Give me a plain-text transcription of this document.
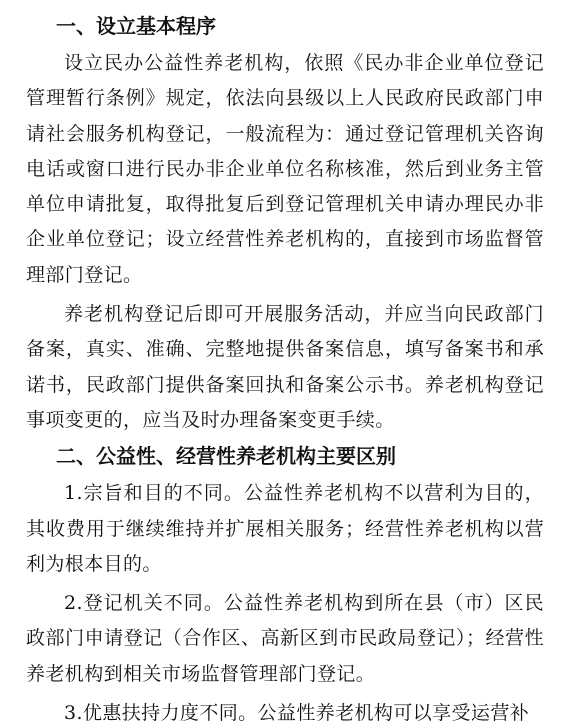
一、设立基本程序

设立民办公益性养老机构，依照《民办非企业单位登记管理暂行条例》规定，依法向县级以上人民政府民政部门申请社会服务机构登记，一般流程为：通过登记管理机关咨询电话或窗口进行民办非企业单位名称核准，然后到业务主管单位申请批复，取得批复后到登记管理机关申请办理民办非企业单位登记；设立经营性养老机构的，直接到市场监督管理部门登记。

养老机构登记后即可开展服务活动，并应当向民政部门备案，真实、准确、完整地提供备案信息，填写备案书和承诺书，民政部门提供备案回执和备案公示书。养老机构登记事项变更的，应当及时办理备案变更手续。

二、公益性、经营性养老机构主要区别

1.宗旨和目的不同。公益性养老机构不以营利为目的，其收费用于继续维持并扩展相关服务；经营性养老机构以营利为根本目的。

2.登记机关不同。公益性养老机构到所在县（市）区民政部门申请登记（合作区、高新区到市民政局登记）；经营性养老机构到相关市场监督管理部门登记。

3.优惠扶持力度不同。公益性养老机构可以享受运营补
